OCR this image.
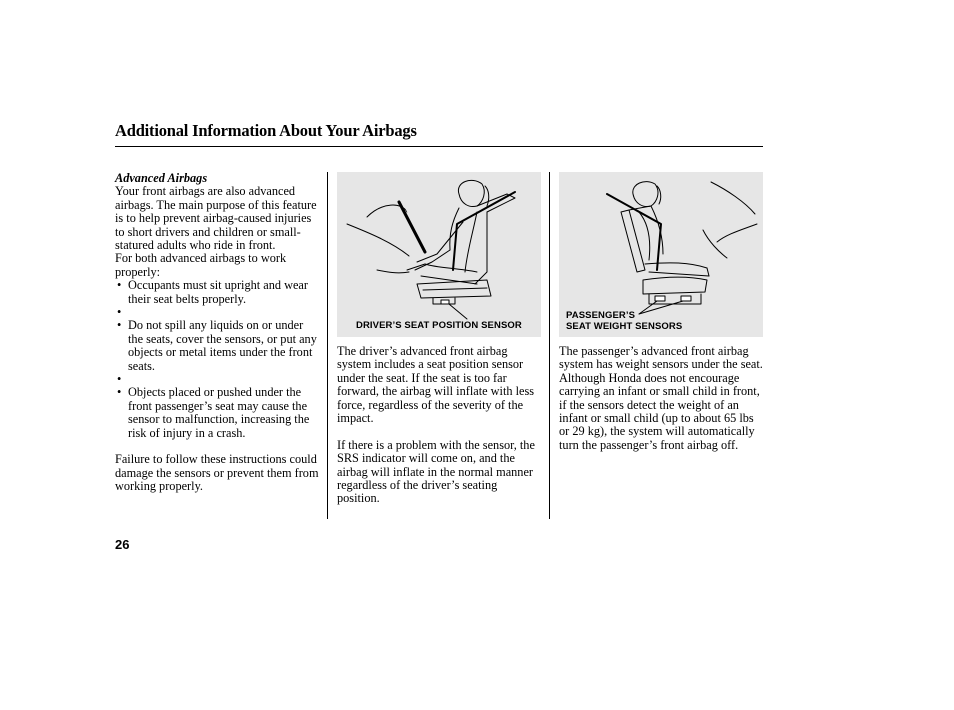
Additional Information About Your Airbags

Advanced Airbags

Your front airbags are also advanced airbags. The main purpose of this feature is to help prevent airbag-caused injuries to short drivers and children or small-statured adults who ride in front.

For both advanced airbags to work properly:

• Occupants must sit upright and wear their seat belts properly.
•
• Do not spill any liquids on or under the seats, cover the sensors, or put any objects or metal items under the front seats.
•
• Objects placed or pushed under the front passenger’s seat may cause the sensor to malfunction, increasing the risk of injury in a crash.

Failure to follow these instructions could damage the sensors or prevent them from working properly.

DRIVER’S SEAT POSITION SENSOR
PASSENGER’S
SEAT WEIGHT SENSORS

The driver’s advanced front airbag system includes a seat position sensor under the seat. If the seat is too far forward, the airbag will inflate with less force, regardless of the severity of the impact.

If there is a problem with the sensor, the SRS indicator will come on, and the airbag will inflate in the normal manner regardless of the driver’s seating position.

The passenger’s advanced front airbag system has weight sensors under the seat. Although Honda does not encourage carrying an infant or small child in front, if the sensors detect the weight of an infant or small child (up to about 65 lbs or 29 kg), the system will automatically turn the passenger’s front airbag off.

26
